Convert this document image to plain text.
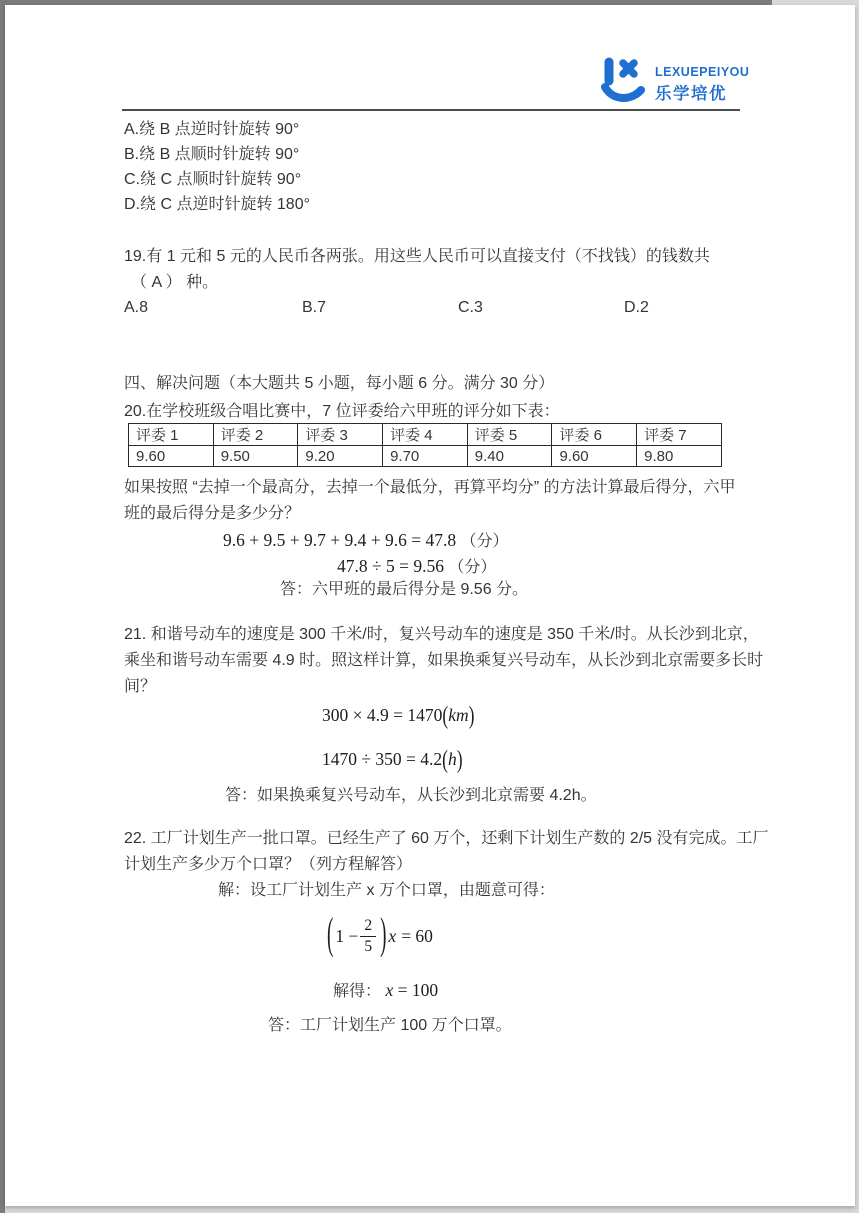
LEXUEPEIYOU
乐学培优
A.绕 B 点逆时针旋转 90°
B.绕 B 点顺时针旋转 90°
C.绕 C 点顺时针旋转 90°
D.绕 C 点逆时针旋转 180°
19.有 1 元和 5 元的人民币各两张。用这些人民币可以直接支付（不找钱）的钱数共
（ A ） 种。
A.8	B.7	C.3	D.2
四、解决问题（本大题共 5 小题，每小题 6 分。满分 30 分）
20.在学校班级合唱比赛中，7 位评委给六甲班的评分如下表：
评委 1	评委 2	评委 3	评委 4	评委 5	评委 6	评委 7
9.60	9.50	9.20	9.70	9.40	9.60	9.80
如果按照 “去掉一个最高分，去掉一个最低分，再算平均分” 的方法计算最后得分，六甲
班的最后得分是多少分？
9.6 + 9.5 + 9.7 + 9.4 + 9.6 = 47.8 （分）
47.8 ÷ 5 = 9.56 （分）
答：六甲班的最后得分是 9.56 分。
21. 和谐号动车的速度是 300 千米/时，复兴号动车的速度是 350 千米/时。从长沙到北京，
乘坐和谐号动车需要 4.9 时。照这样计算，如果换乘复兴号动车，从长沙到北京需要多长时
间？
300 × 4.9 = 1470(km)
1470 ÷ 350 = 4.2(h)
答：如果换乘复兴号动车，从长沙到北京需要 4.2h。
22. 工厂计划生产一批口罩。已经生产了 60 万个，还剩下计划生产数的 2/5 没有完成。工厂
计划生产多少万个口罩？（列方程解答）
解：设工厂计划生产 x 万个口罩，由题意可得：
( $1 - \frac{2}{5}$ ) x = 60
解得： x = 100
答：工厂计划生产 100 万个口罩。
